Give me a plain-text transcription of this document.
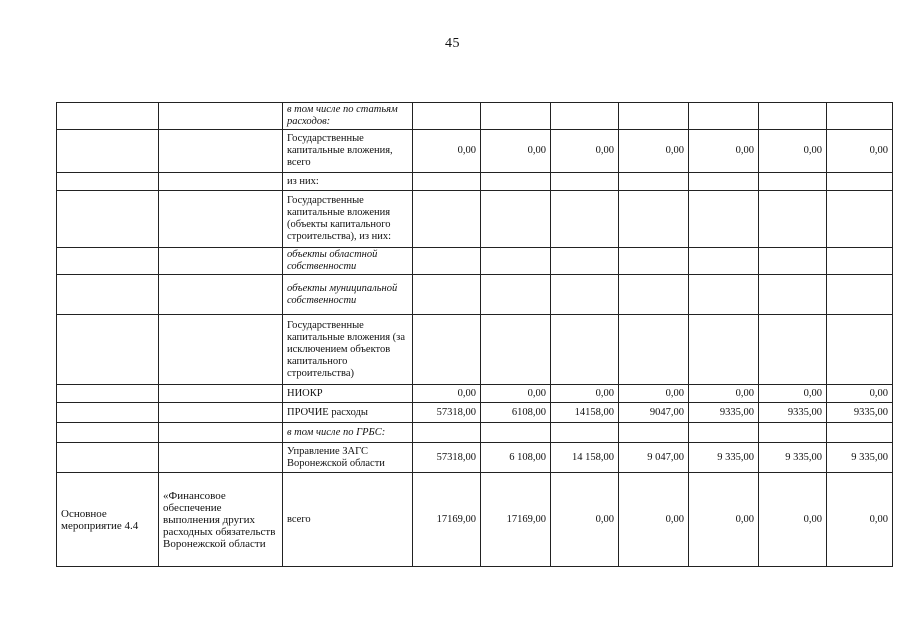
45
		в том числе по статьям расходов:							
		Государственные капитальные вложения, всего	0,00	0,00	0,00	0,00	0,00	0,00	0,00
		из них:							
		Государственные капитальные вложения (объекты капитального строительства), из них:							
		объекты областной собственности							
		объекты муниципальной собственности							
		Государственные капитальные вложения (за исключением объектов капитального строительства)							
		НИОКР	0,00	0,00	0,00	0,00	0,00	0,00	0,00
		ПРОЧИЕ расходы	57318,00	6108,00	14158,00	9047,00	9335,00	9335,00	9335,00
		в том числе по ГРБС:							
		Управление ЗАГС Воронежской области	57318,00	6 108,00	14 158,00	9 047,00	9 335,00	9 335,00	9 335,00
Основное мероприятие 4.4	«Финансовое обеспечение выполнения других расходных обязательств Воронежской области	всего	17169,00	17169,00	0,00	0,00	0,00	0,00	0,00
